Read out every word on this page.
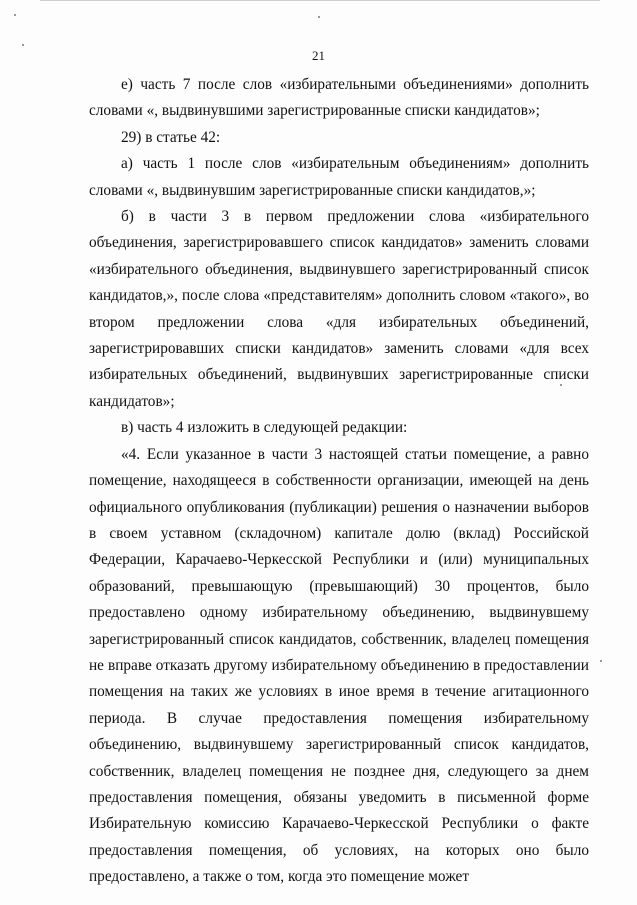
21

е) часть 7 после слов «избирательными объединениями» дополнить словами «, выдвинувшими зарегистрированные списки кандидатов»;

29) в статье 42:

а) часть 1 после слов «избирательным объединениям» дополнить словами «, выдвинувшим зарегистрированные списки кандидатов,»;

б) в части 3 в первом предложении слова «избирательного объединения, зарегистрировавшего список кандидатов» заменить словами «избирательного объединения, выдвинувшего зарегистрированный список кандидатов,», после слова «представителям» дополнить словом «такого», во втором предложении слова «для избирательных объединений, зарегистрировавших списки кандидатов» заменить словами «для всех избирательных объединений, выдвинувших зарегистрированные списки кандидатов»;

в) часть 4 изложить в следующей редакции:

«4. Если указанное в части 3 настоящей статьи помещение, а равно помещение, находящееся в собственности организации, имеющей на день официального опубликования (публикации) решения о назначении выборов в своем уставном (складочном) капитале долю (вклад) Российской Федерации, Карачаево-Черкесской Республики и (или) муниципальных образований, превышающую (превышающий) 30 процентов, было предоставлено одному избирательному объединению, выдвинувшему зарегистрированный список кандидатов, собственник, владелец помещения не вправе отказать другому избирательному объединению в предоставлении помещения на таких же условиях в иное время в течение агитационного периода. В случае предоставления помещения избирательному объединению, выдвинувшему зарегистрированный список кандидатов, собственник, владелец помещения не позднее дня, следующего за днем предоставления помещения, обязаны уведомить в письменной форме Избирательную комиссию Карачаево-Черкесской Республики о факте предоставления помещения, об условиях, на которых оно было предоставлено, а также о том, когда это помещение может
